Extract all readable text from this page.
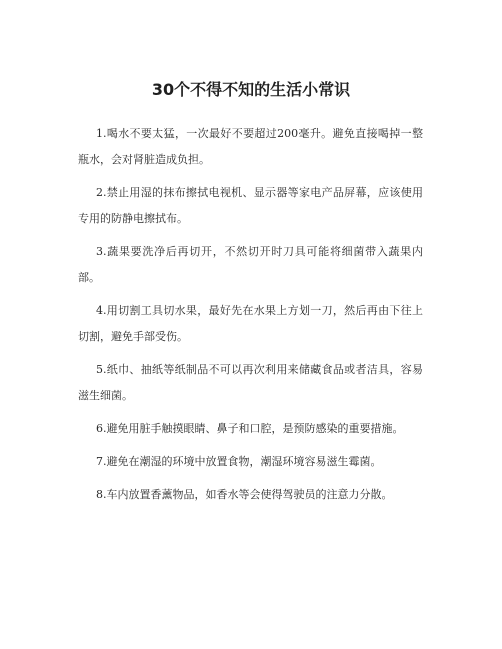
30个不得不知的生活小常识

1.喝水不要太猛，一次最好不要超过200毫升。避免直接喝掉一整瓶水，会对肾脏造成负担。

2.禁止用湿的抹布擦拭电视机、显示器等家电产品屏幕，应该使用专用的防静电擦拭布。

3.蔬果要洗净后再切开，不然切开时刀具可能将细菌带入蔬果内部。

4.用切割工具切水果，最好先在水果上方划一刀，然后再由下往上切割，避免手部受伤。

5.纸巾、抽纸等纸制品不可以再次利用来储藏食品或者洁具，容易滋生细菌。

6.避免用脏手触摸眼睛、鼻子和口腔，是预防感染的重要措施。

7.避免在潮湿的环境中放置食物，潮湿环境容易滋生霉菌。

8.车内放置香薰物品，如香水等会使得驾驶员的注意力分散。
